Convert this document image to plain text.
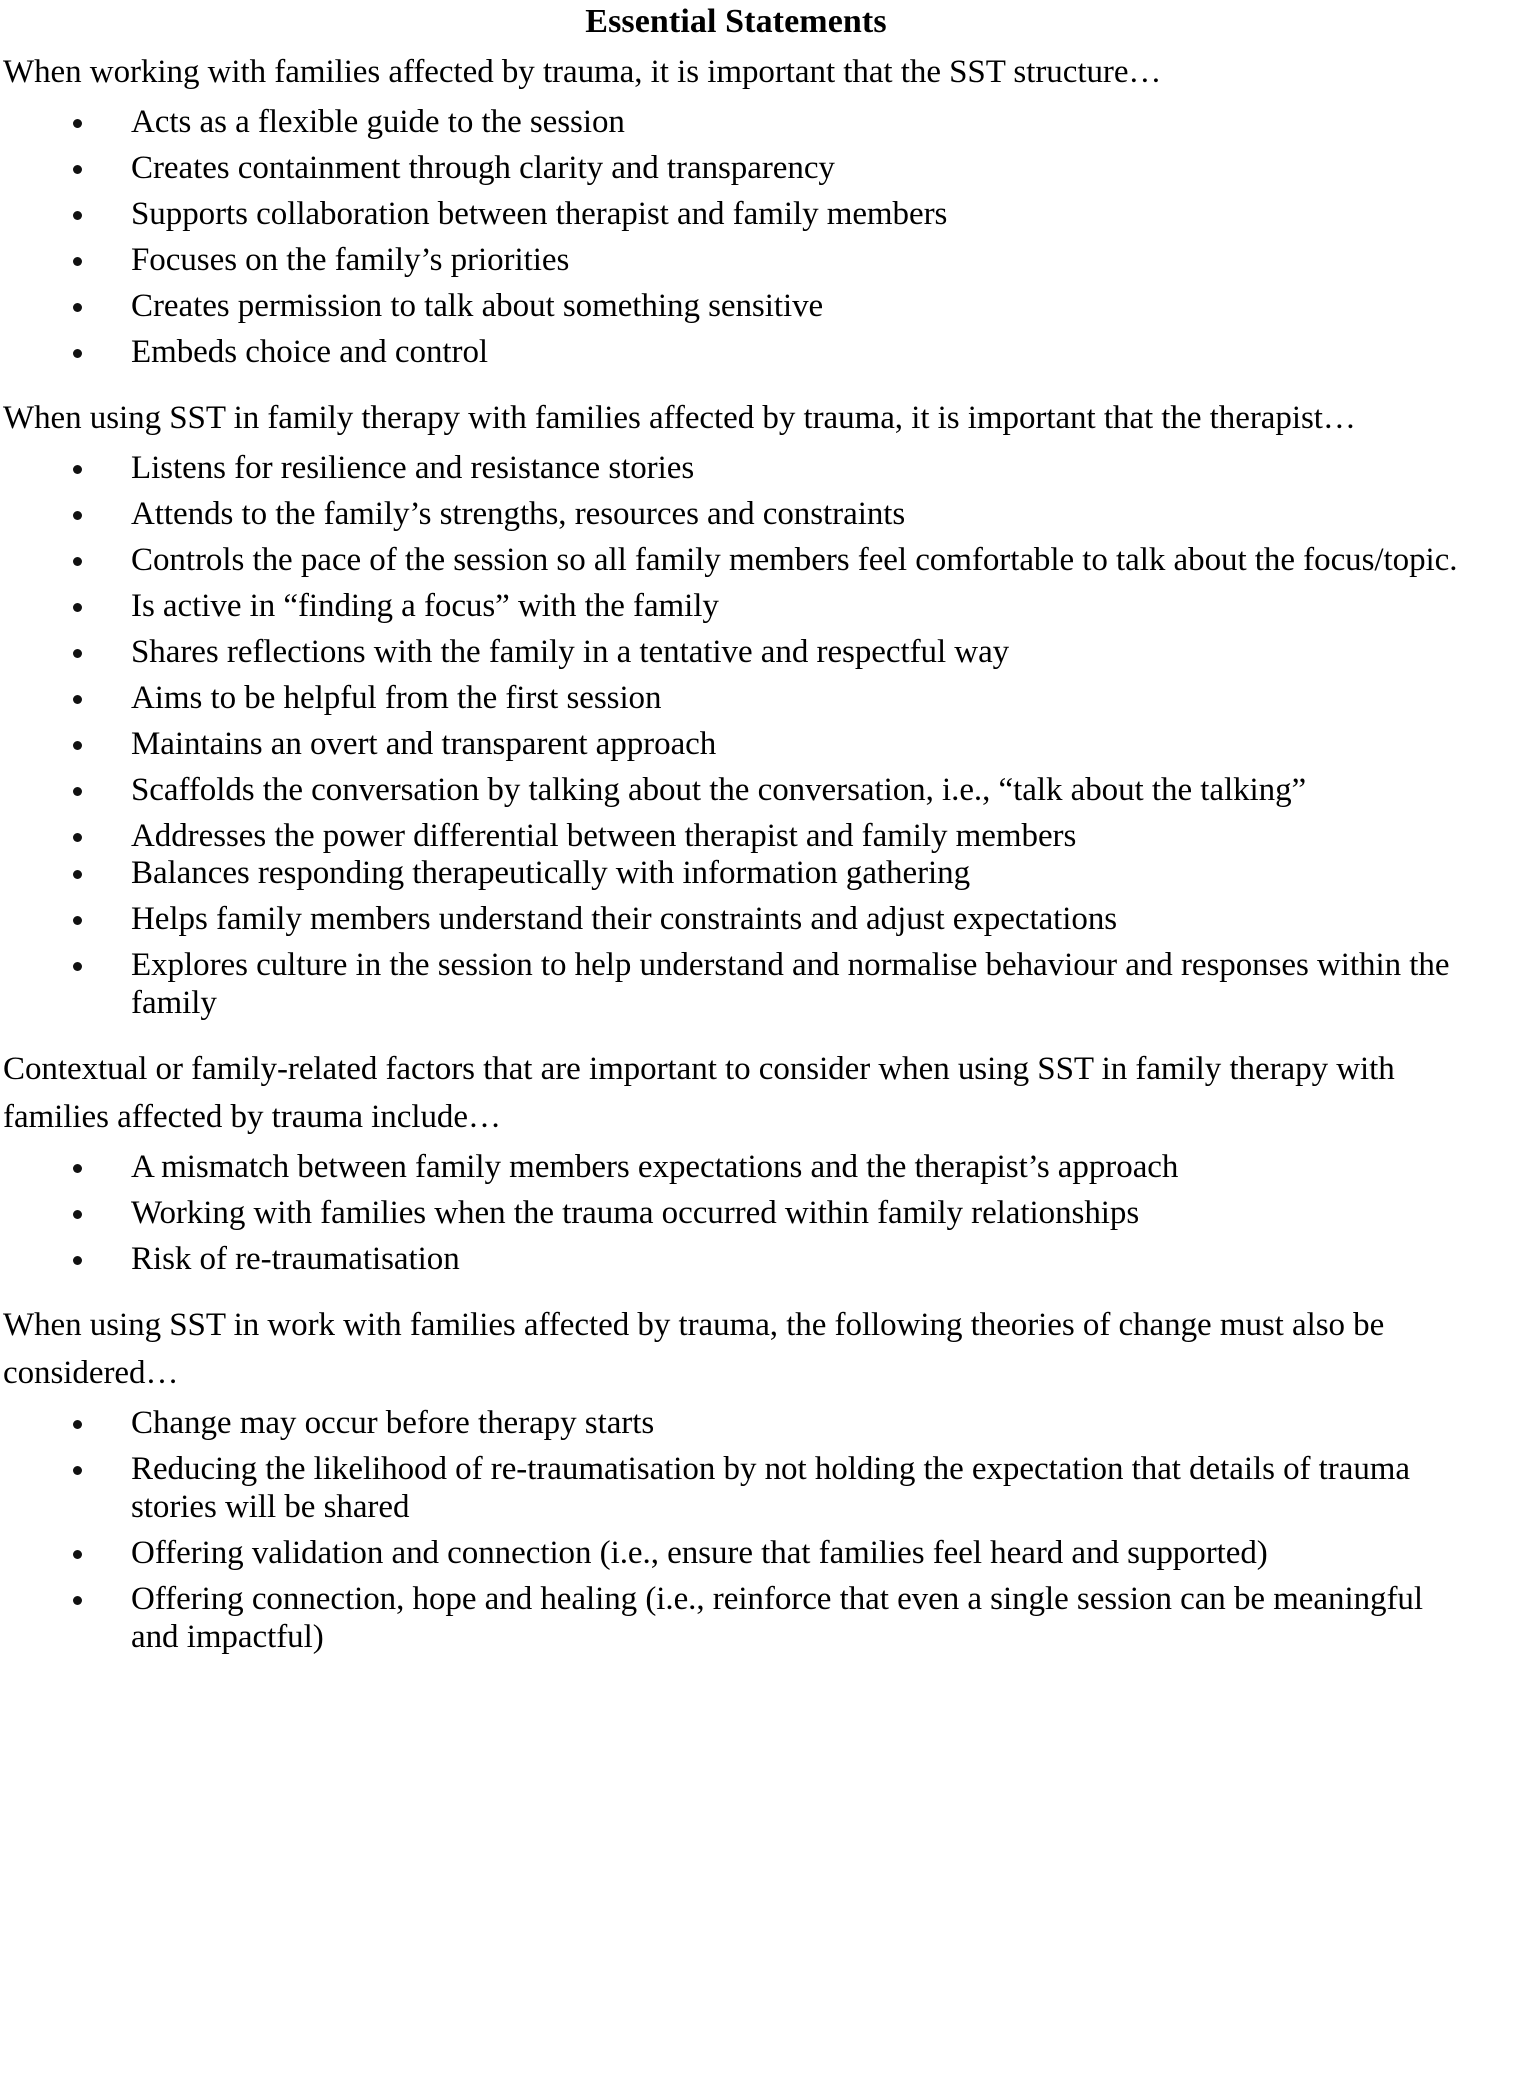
Essential Statements

When working with families affected by trauma, it is important that the SST structure…

Acts as a flexible guide to the session
Creates containment through clarity and transparency
Supports collaboration between therapist and family members
Focuses on the family’s priorities
Creates permission to talk about something sensitive
Embeds choice and control

When using SST in family therapy with families affected by trauma, it is important that the therapist…

Listens for resilience and resistance stories
Attends to the family’s strengths, resources and constraints
Controls the pace of the session so all family members feel comfortable to talk about the focus/topic.
Is active in “finding a focus” with the family
Shares reflections with the family in a tentative and respectful way
Aims to be helpful from the first session
Maintains an overt and transparent approach
Scaffolds the conversation by talking about the conversation, i.e., “talk about the talking”
Addresses the power differential between therapist and family members
Balances responding therapeutically with information gathering
Helps family members understand their constraints and adjust expectations
Explores culture in the session to help understand and normalise behaviour and responses within the family

Contextual or family-related factors that are important to consider when using SST in family therapy with families affected by trauma include…

A mismatch between family members expectations and the therapist’s approach
Working with families when the trauma occurred within family relationships
Risk of re-traumatisation

When using SST in work with families affected by trauma, the following theories of change must also be considered…

Change may occur before therapy starts
Reducing the likelihood of re-traumatisation by not holding the expectation that details of trauma stories will be shared
Offering validation and connection (i.e., ensure that families feel heard and supported)
Offering connection, hope and healing (i.e., reinforce that even a single session can be meaningful and impactful)
